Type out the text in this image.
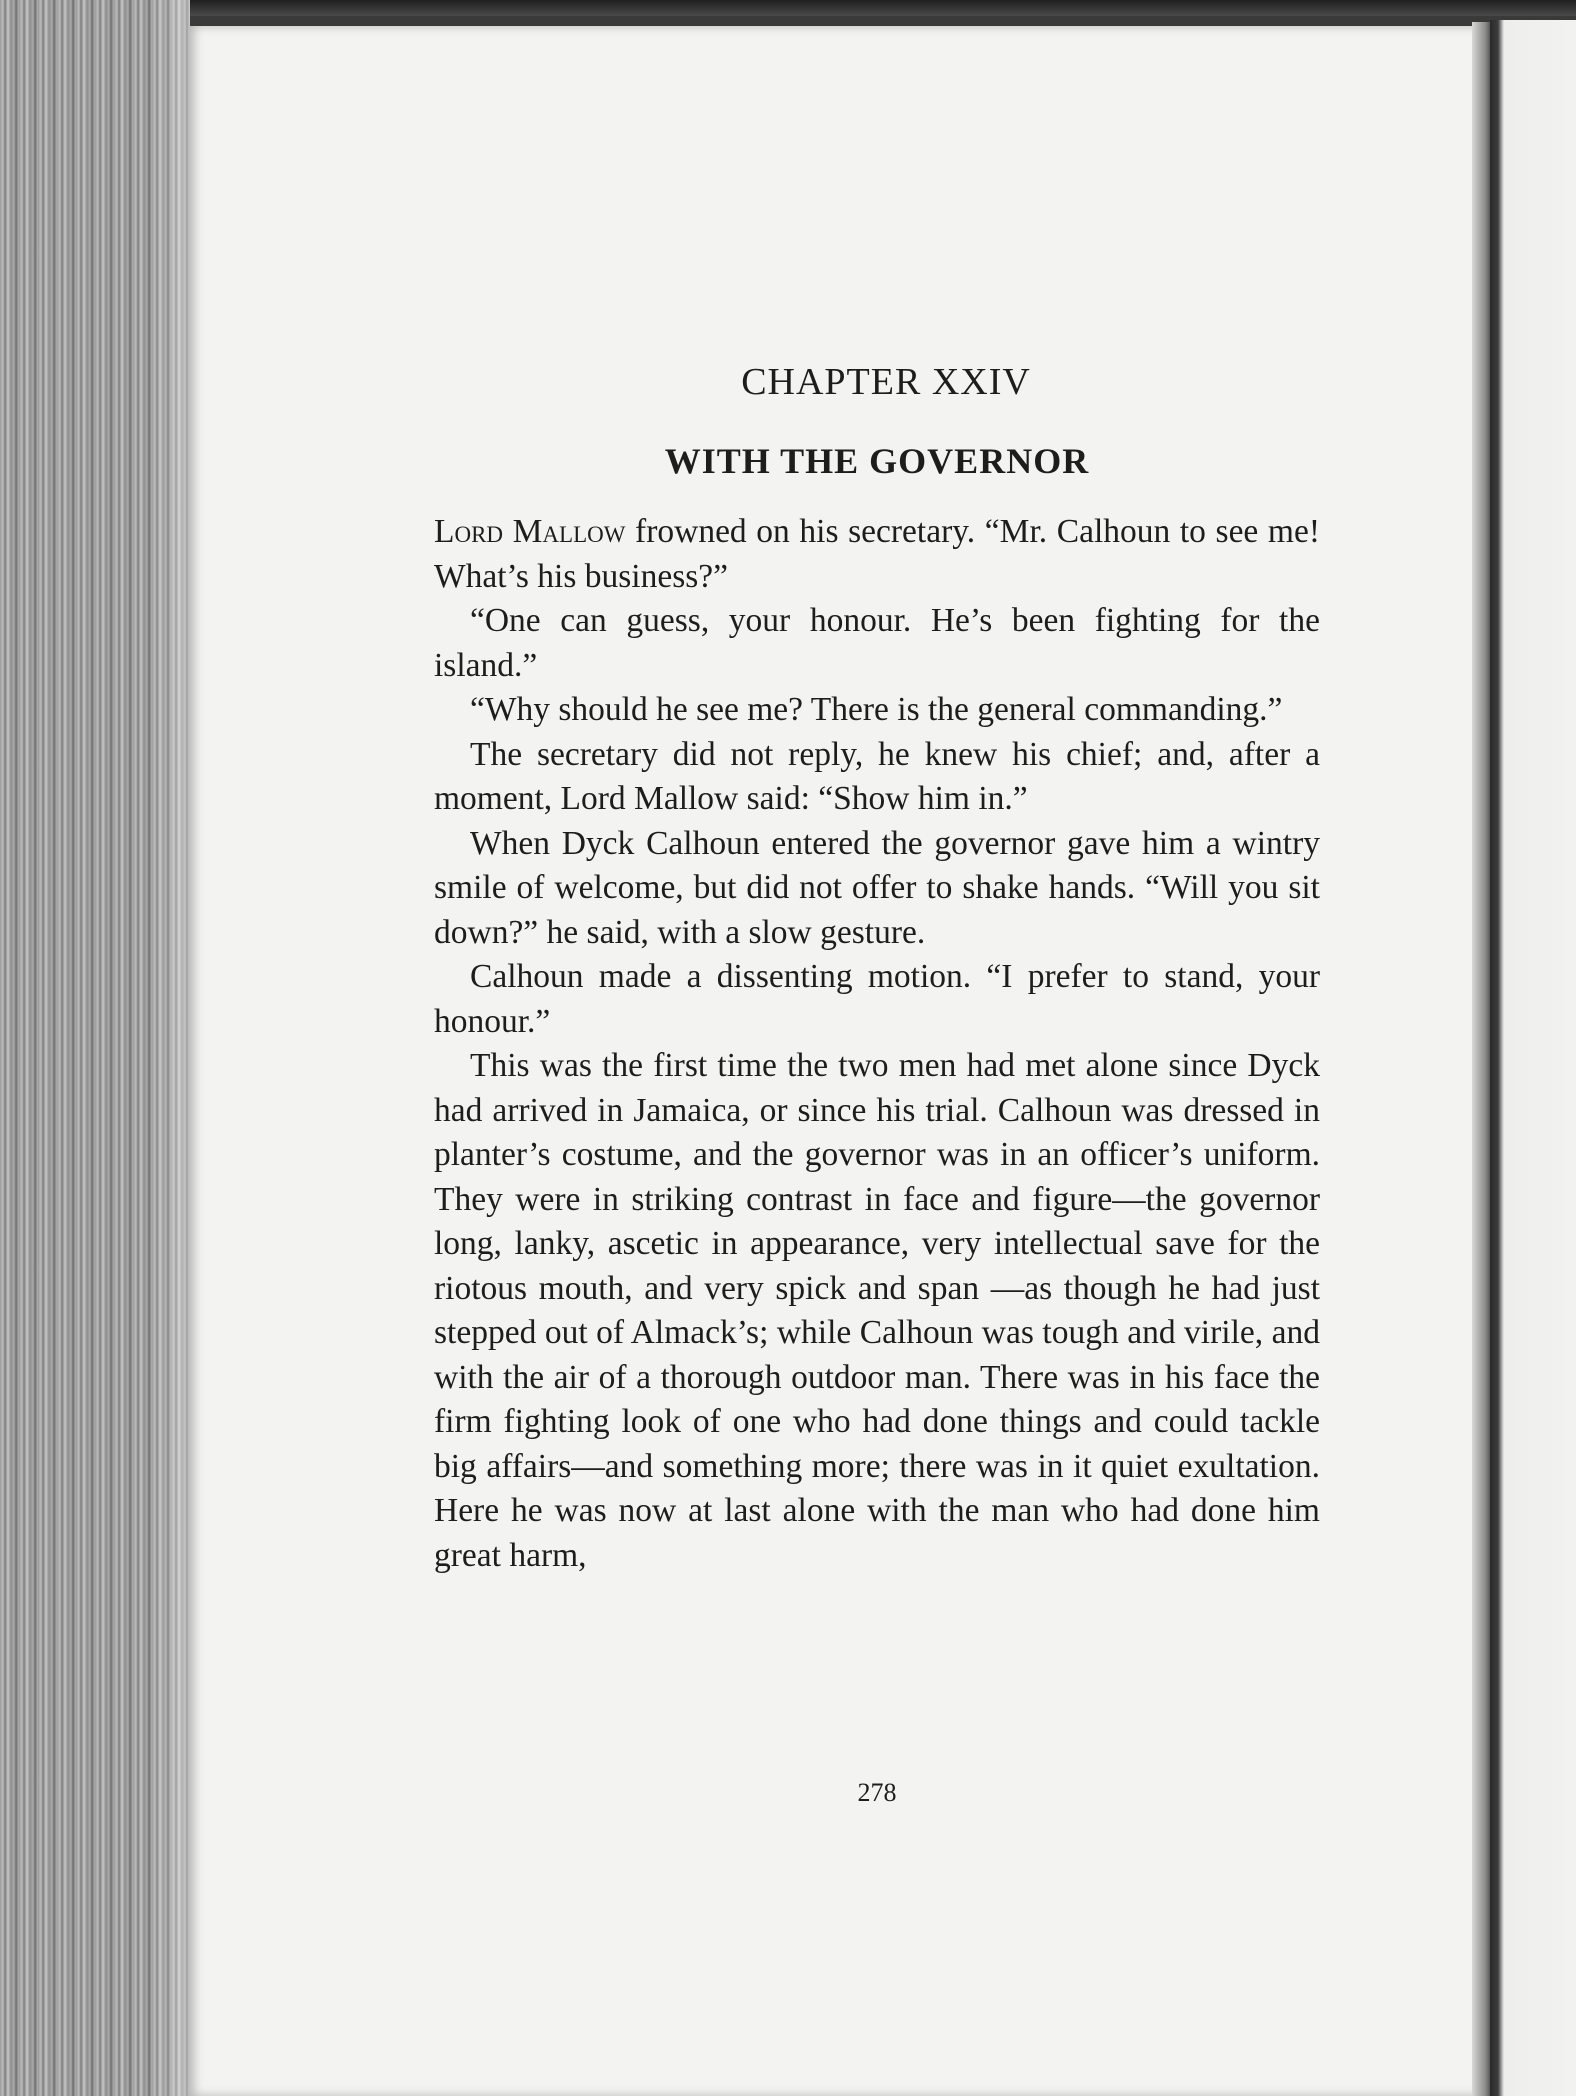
CHAPTER XXIV
WITH THE GOVERNOR

Lord Mallow frowned on his secretary. “Mr. Calhoun to see me! What’s his business?”

“One can guess, your honour. He’s been fighting for the island.”

“Why should he see me? There is the general commanding.”

The secretary did not reply, he knew his chief; and, after a moment, Lord Mallow said: “Show him in.”

When Dyck Calhoun entered the governor gave him a wintry smile of welcome, but did not offer to shake hands. “Will you sit down?” he said, with a slow gesture.

Calhoun made a dissenting motion. “I prefer to stand, your honour.”

This was the first time the two men had met alone since Dyck had arrived in Jamaica, or since his trial. Calhoun was dressed in planter’s costume, and the governor was in an officer’s uniform. They were in striking contrast in face and figure—the governor long, lanky, ascetic in appearance, very intellectual save for the riotous mouth, and very spick and span —as though he had just stepped out of Almack’s; while Calhoun was tough and virile, and with the air of a thorough outdoor man. There was in his face the firm fighting look of one who had done things and could tackle big affairs—and something more; there was in it quiet exultation. Here he was now at last alone with the man who had done him great harm,

278
